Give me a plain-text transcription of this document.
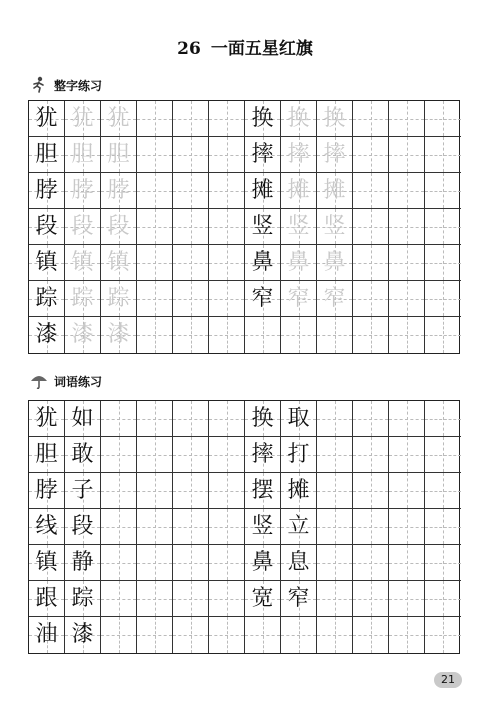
26 一面五星红旗
整字练习
犹 犹 犹	换 换 换
胆 胆 胆	摔 摔 摔
脖 脖 脖	摊 摊 摊
段 段 段	竖 竖 竖
镇 镇 镇	鼻 鼻 鼻
踪 踪 踪	窄 窄 窄
漆 漆 漆
词语练习
犹 如	换 取
胆 敢	摔 打
脖 子	摆 摊
线 段	竖 立
镇 静	鼻 息
跟 踪	宽 窄
油 漆
21
